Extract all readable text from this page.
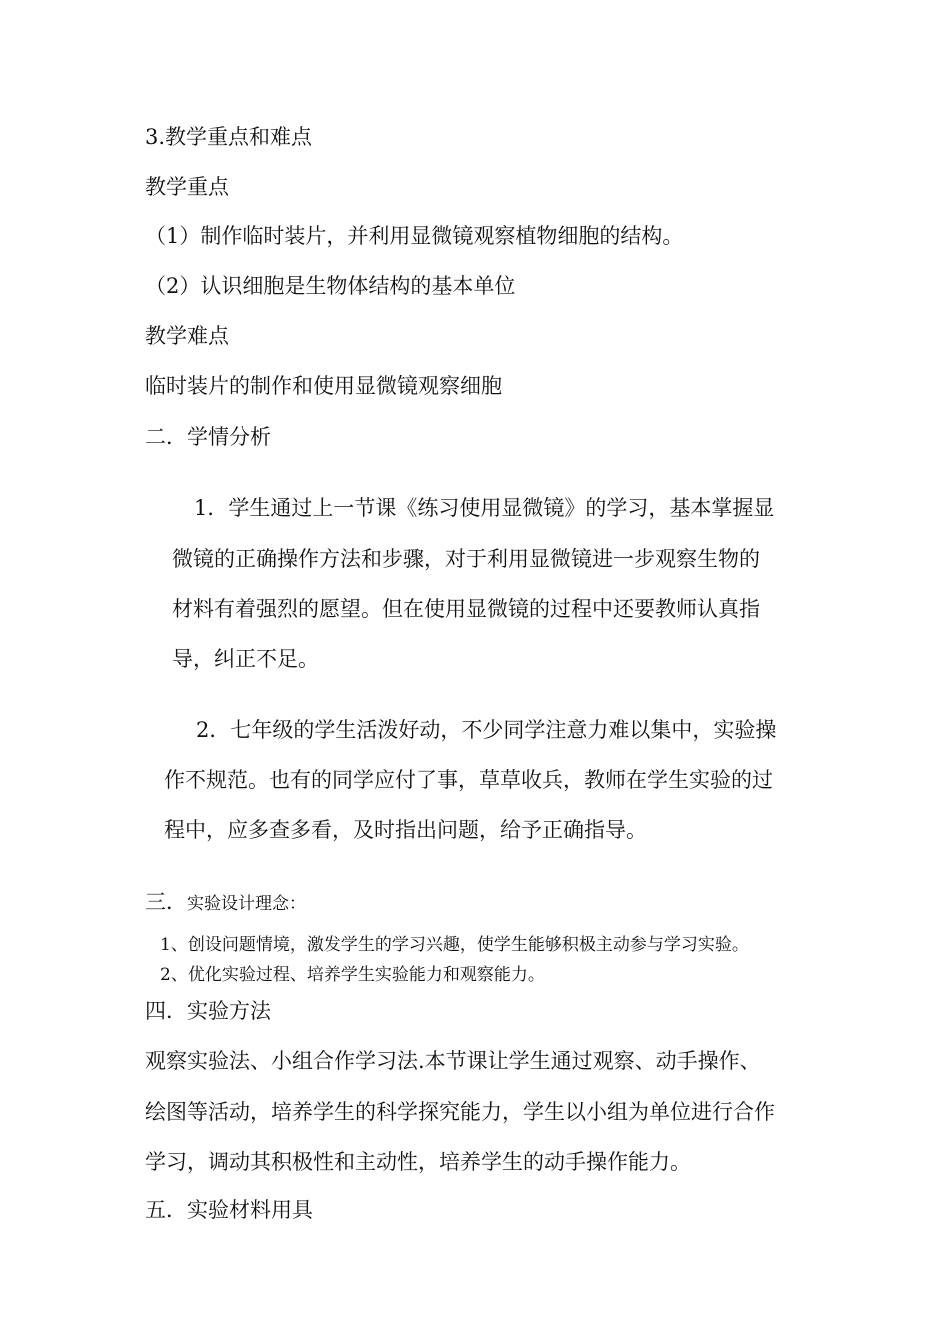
3.教学重点和难点
教学重点
（1）制作临时装片，并利用显微镜观察植物细胞的结构。
（2）认识细胞是生物体结构的基本单位
教学难点
临时装片的制作和使用显微镜观察细胞
二．学情分析
1．学生通过上一节课《练习使用显微镜》的学习，基本掌握显
微镜的正确操作方法和步骤，对于利用显微镜进一步观察生物的
材料有着强烈的愿望。但在使用显微镜的过程中还要教师认真指
导，纠正不足。
2．七年级的学生活泼好动，不少同学注意力难以集中，实验操
作不规范。也有的同学应付了事，草草收兵，教师在学生实验的过
程中，应多查多看，及时指出问题，给予正确指导。
三．实验设计理念：
1、创设问题情境，激发学生的学习兴趣，使学生能够积极主动参与学习实验。
2、优化实验过程、培养学生实验能力和观察能力。
四．实验方法
观察实验法、小组合作学习法.本节课让学生通过观察、动手操作、
绘图等活动，培养学生的科学探究能力，学生以小组为单位进行合作
学习，调动其积极性和主动性，培养学生的动手操作能力。
五．实验材料用具
